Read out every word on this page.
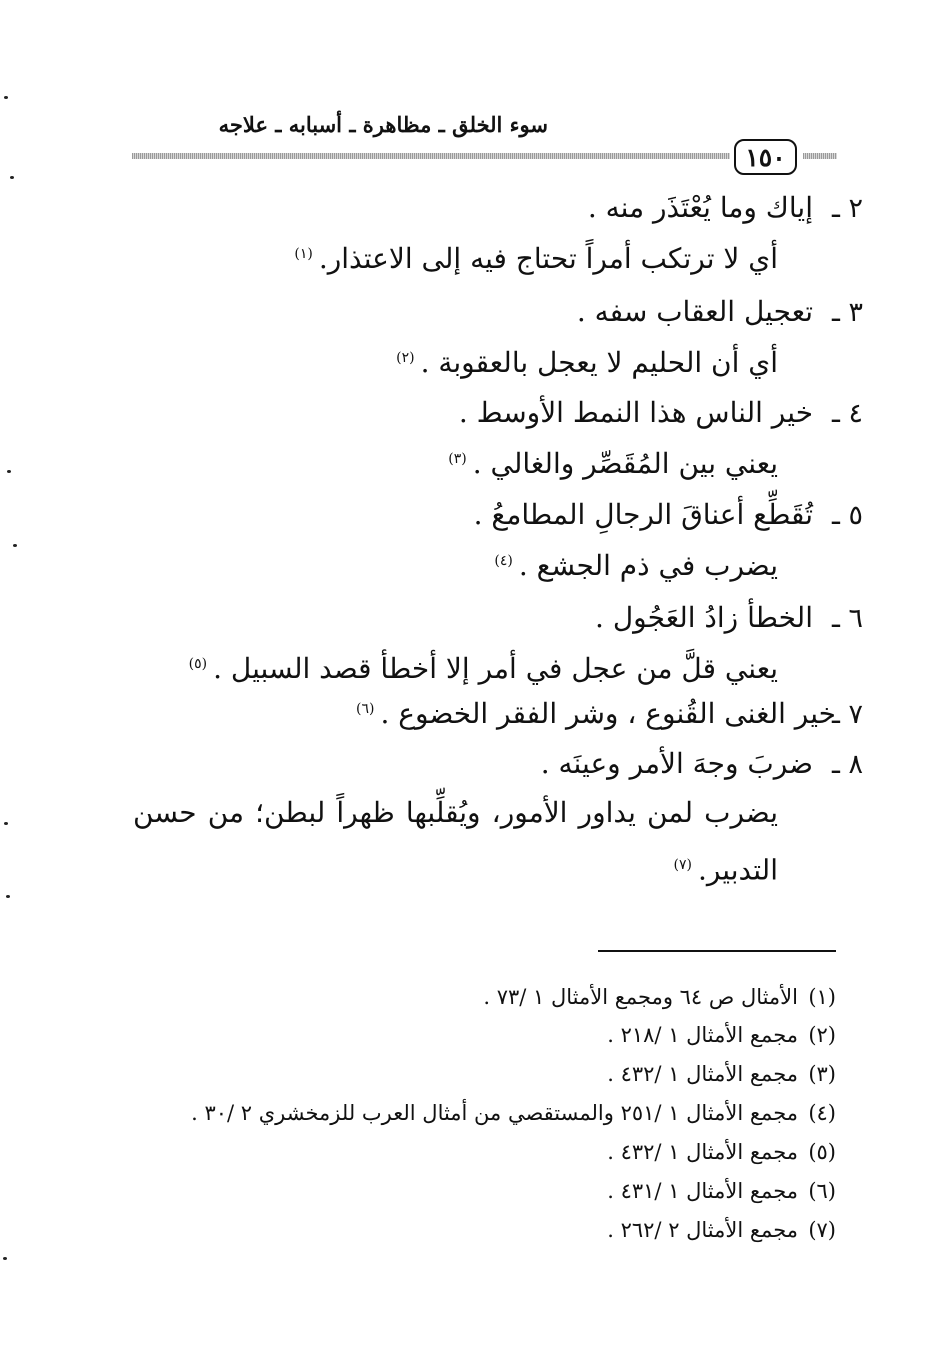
سوء الخلق ـ مظاهرة ـ أسبابه ـ علاجه
١٥٠
٢ ـ
إياك وما يُعْتَذَر منه .
أي لا ترتكب أمراً تحتاج فيه إلى الاعتذار.$^{(١)}$
٣ ـ
تعجيل العقاب سفه .
أي أن الحليم لا يعجل بالعقوبة .$^{(٢)}$
٤ ـ
خير الناس هذا النمط الأوسط .
يعني بين المُقَصِّر والغالي .$^{(٣)}$
٥ ـ
تُقَطِّع أعناقَ الرجالِ المطامعُ .
يضرب في ذم الجشع .$^{(٤)}$
٦ ـ
الخطأ زادُ العَجُول .
يعني قلَّ من عجل في أمر إلا أخطأ قصد السبيل .$^{(٥)}$
٧ ـ
خير الغنى القُنوع ، وشر الفقر الخضوع .$^{(٦)}$
٨ ـ
ضربَ وجهَ الأمر وعينَه .
يضرب لمن يداور الأمور، ويُقلِّبها ظهراً لبطن؛ من حسن التدبير.$^{(٧)}$
(١)الأمثال ص ٦٤ ومجمع الأمثال ١ /٧٣ .
(٢)مجمع الأمثال ١ /٢١٨ .
(٣)مجمع الأمثال ١ /٤٣٢ .
(٤)مجمع الأمثال ١ /٢٥١ والمستقصي من أمثال العرب للزمخشري ٢ /٣٠ .
(٥)مجمع الأمثال ١ /٤٣٢ .
(٦)مجمع الأمثال ١ /٤٣١ .
(٧)مجمع الأمثال ٢ /٢٦٢ .
